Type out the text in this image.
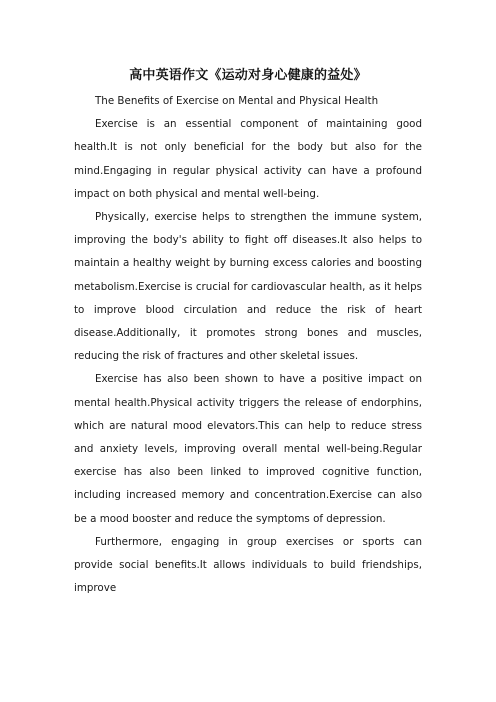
高中英语作文《运动对身心健康的益处》

The Benefits of Exercise on Mental and Physical Health

Exercise is an essential component of maintaining good health.It is not only beneficial for the body but also for the mind.Engaging in regular physical activity can have a profound impact on both physical and mental well-being.

Physically, exercise helps to strengthen the immune system, improving the body's ability to fight off diseases.It also helps to maintain a healthy weight by burning excess calories and boosting metabolism.Exercise is crucial for cardiovascular health, as it helps to improve blood circulation and reduce the risk of heart disease.Additionally, it promotes strong bones and muscles, reducing the risk of fractures and other skeletal issues.

Exercise has also been shown to have a positive impact on mental health.Physical activity triggers the release of endorphins, which are natural mood elevators.This can help to reduce stress and anxiety levels, improving overall mental well-being.Regular exercise has also been linked to improved cognitive function, including increased memory and concentration.Exercise can also be a mood booster and reduce the symptoms of depression.

Furthermore, engaging in group exercises or sports can provide social benefits.It allows individuals to build friendships, improve
